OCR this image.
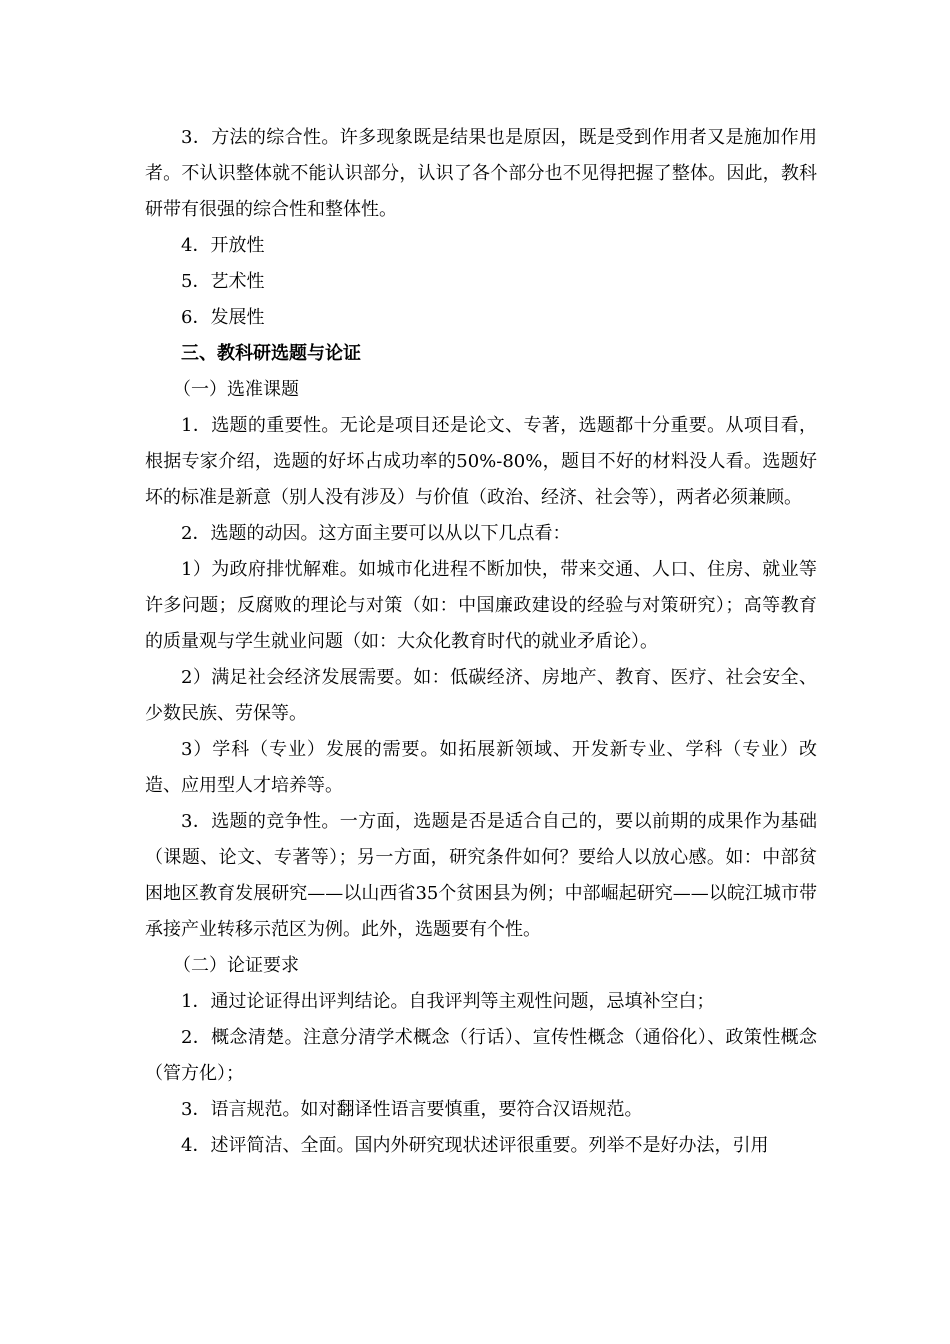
3．方法的综合性。许多现象既是结果也是原因，既是受到作用者又是施加作用者。不认识整体就不能认识部分，认识了各个部分也不见得把握了整体。因此，教科研带有很强的综合性和整体性。

4．开放性

5．艺术性

6．发展性

三、教科研选题与论证

（一）选准课题

1．选题的重要性。无论是项目还是论文、专著，选题都十分重要。从项目看，根据专家介绍，选题的好坏占成功率的50%-80%，题目不好的材料没人看。选题好坏的标准是新意（别人没有涉及）与价值（政治、经济、社会等），两者必须兼顾。

2．选题的动因。这方面主要可以从以下几点看：

1）为政府排忧解难。如城市化进程不断加快，带来交通、人口、住房、就业等许多问题；反腐败的理论与对策（如：中国廉政建设的经验与对策研究）；高等教育的质量观与学生就业问题（如：大众化教育时代的就业矛盾论）。

2）满足社会经济发展需要。如：低碳经济、房地产、教育、医疗、社会安全、少数民族、劳保等。

3）学科（专业）发展的需要。如拓展新领域、开发新专业、学科（专业）改造、应用型人才培养等。

3．选题的竞争性。一方面，选题是否是适合自己的，要以前期的成果作为基础（课题、论文、专著等）；另一方面，研究条件如何？要给人以放心感。如：中部贫困地区教育发展研究——以山西省35个贫困县为例；中部崛起研究——以皖江城市带承接产业转移示范区为例。此外，选题要有个性。

（二）论证要求

1．通过论证得出评判结论。自我评判等主观性问题，忌填补空白；

2．概念清楚。注意分清学术概念（行话）、宣传性概念（通俗化）、政策性概念（管方化）；

3．语言规范。如对翻译性语言要慎重，要符合汉语规范。

4．述评简洁、全面。国内外研究现状述评很重要。列举不是好办法，引用
